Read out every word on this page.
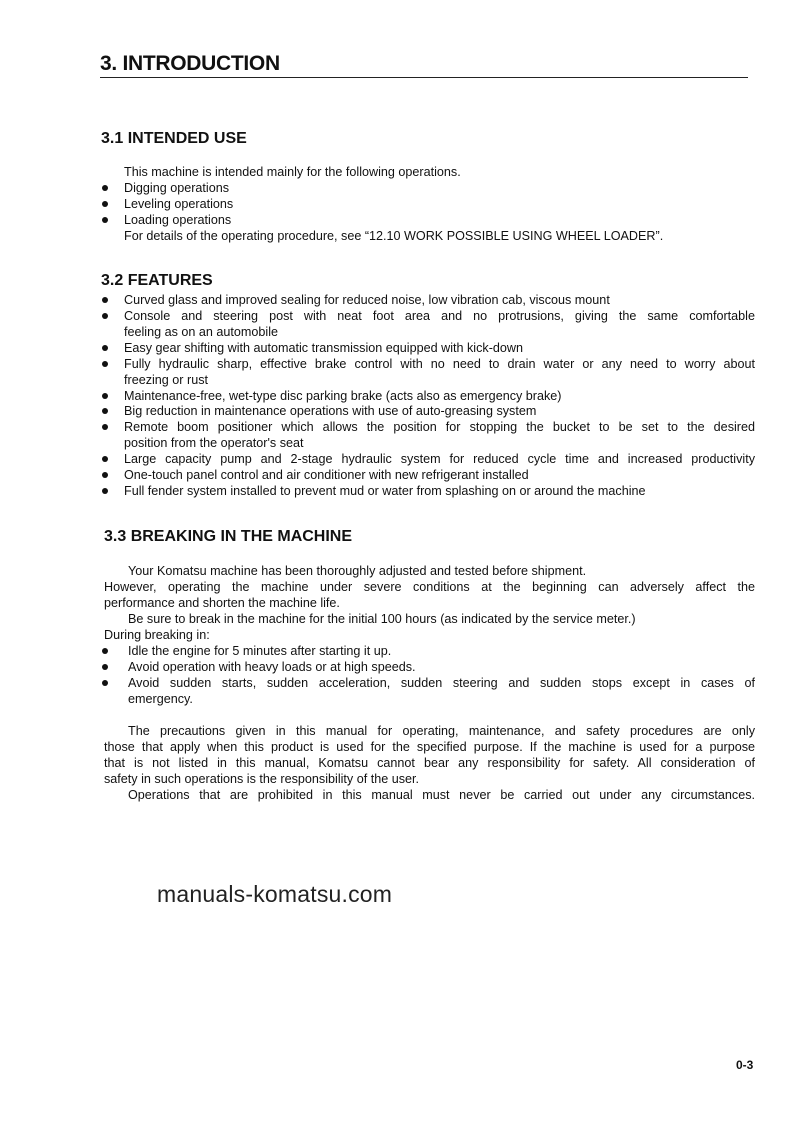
3. INTRODUCTION
3.1 INTENDED USE
This machine is intended mainly for the following operations.
Digging operations
Leveling operations
Loading operations
For details of the operating procedure, see “12.10 WORK POSSIBLE USING WHEEL LOADER”.
3.2 FEATURES
3.3 BREAKING IN THE MACHINE
manuals-komatsu.com
0-3
Curved glass and improved sealing for reduced noise, low vibration cab, viscous mount
Console and steering post with neat foot area and no protrusions, giving the same comfortable
feeling as on an automobile
Easy gear shifting with automatic transmission equipped with kick-down
Fully hydraulic sharp, effective brake control with no need to drain water or any need to worry about
freezing or rust
Maintenance-free, wet-type disc parking brake (acts also as emergency brake)
Big reduction in maintenance operations with use of auto-greasing system
Remote boom positioner which allows the position for stopping the bucket to be set to the desired
position from the operator's seat
Large capacity pump and 2-stage hydraulic system for reduced cycle time and increased productivity
One-touch panel control and air conditioner with new refrigerant installed
Full fender system installed to prevent mud or water from splashing on or around the machine
Your Komatsu machine has been thoroughly adjusted and tested before shipment.
However, operating the machine under severe conditions at the beginning can adversely affect the
performance and shorten the machine life.
Be sure to break in the machine for the initial 100 hours (as indicated by the service meter.)
During breaking in:
Idle the engine for 5 minutes after starting it up.
Avoid operation with heavy loads or at high speeds.
Avoid sudden starts, sudden acceleration, sudden steering and sudden stops except in cases of
emergency.
The precautions given in this manual for operating, maintenance, and safety procedures are only
those that apply when this product is used for the specified purpose. If the machine is used for a purpose
that is not listed in this manual, Komatsu cannot bear any responsibility for safety. All consideration of
safety in such operations is the responsibility of the user.
Operations that are prohibited in this manual must never be carried out under any circumstances.
